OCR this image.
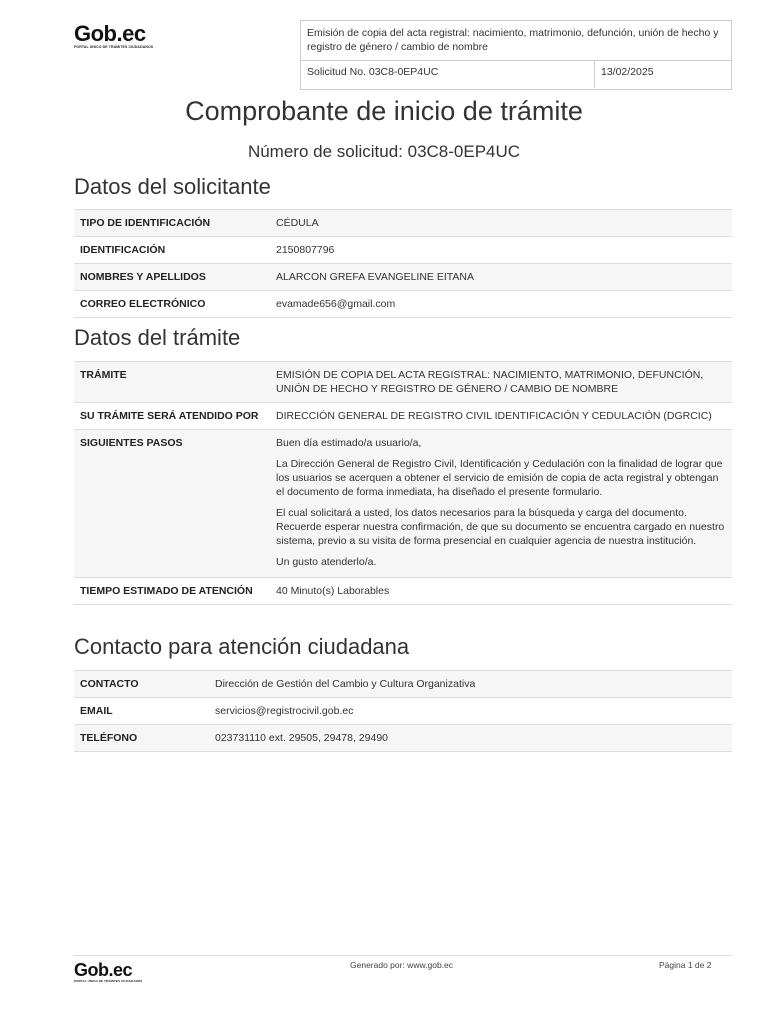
Gob.ec
PORTAL ÚNICO DE TRÁMITES CIUDADANOS
Emisión de copia del acta registral: nacimiento, matrimonio, defunción, unión de hecho y registro de género / cambio de nombre
Solicitud No. 03C8-0EP4UC	13/02/2025
Comprobante de inicio de trámite
Número de solicitud: 03C8-0EP4UC
Datos del solicitante
TIPO DE IDENTIFICACIÓN	CÉDULA
IDENTIFICACIÓN	2150807796
NOMBRES Y APELLIDOS	ALARCON GREFA EVANGELINE EITANA
CORREO ELECTRÓNICO	evamade656@gmail.com
Datos del trámite
TRÁMITE	EMISIÓN DE COPIA DEL ACTA REGISTRAL: NACIMIENTO, MATRIMONIO, DEFUNCIÓN, UNIÓN DE HECHO Y REGISTRO DE GÉNERO / CAMBIO DE NOMBRE
SU TRÁMITE SERÁ ATENDIDO POR	DIRECCIÓN GENERAL DE REGISTRO CIVIL IDENTIFICACIÓN Y CEDULACIÓN (DGRCIC)
SIGUIENTES PASOS	Buen día estimado/a usuario/a,

La Dirección General de Registro Civil, Identificación y Cedulación con la finalidad de lograr que los usuarios se acerquen a obtener el servicio de emisión de copia de acta registral y obtengan el documento de forma inmediata, ha diseñado el presente formulario.

El cual solicitará a usted, los datos necesarios para la búsqueda y carga del documento. Recuerde esperar nuestra confirmación, de que su documento se encuentra cargado en nuestro sistema, previo a su visita de forma presencial en cualquier agencia de nuestra institución.

Un gusto atenderlo/a.

TIEMPO ESTIMADO DE ATENCIÓN	40 Minuto(s) Laborables
Contacto para atención ciudadana
CONTACTO	Dirección de Gestión del Cambio y Cultura Organizativa
EMAIL	servicios@registrocivil.gob.ec
TELÉFONO	023731110 ext. 29505, 29478, 29490
Gob.ec
PORTAL ÚNICO DE TRÁMITES CIUDADANOS
Generado por: www.gob.ec	Página 1 de 2
